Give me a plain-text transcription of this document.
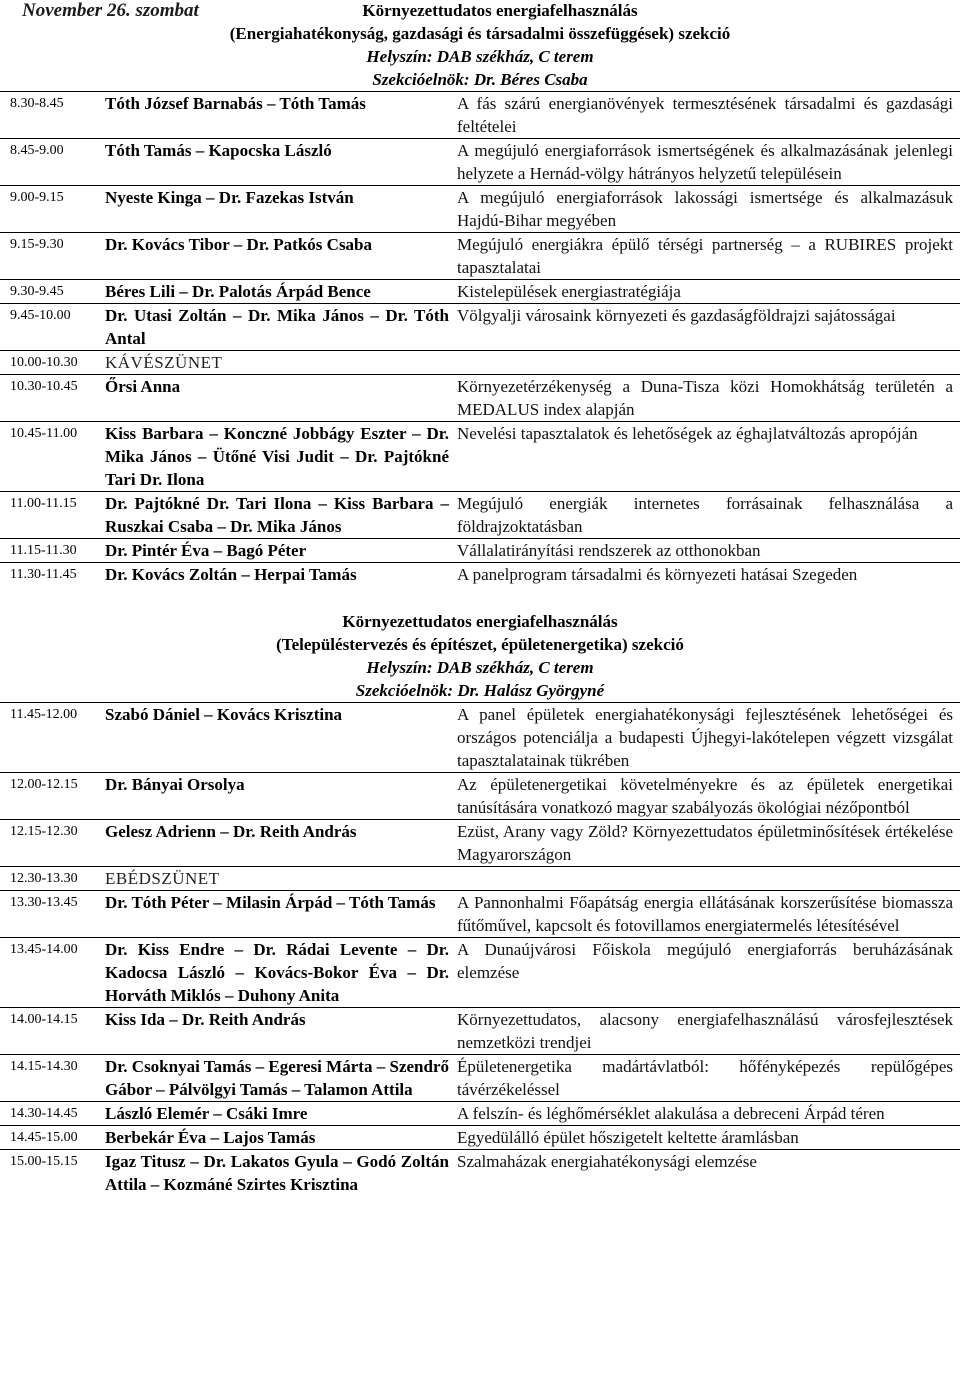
November 26. szombat	Környezettudatos energiafelhasználás
(Energiahatékonyság, gazdasági és társadalmi összefüggések) szekció
Helyszín: DAB székház, C terem
Szekcióelnök: Dr. Béres Csaba
8.30-8.45	Tóth József Barnabás – Tóth Tamás	A fás szárú energianövények termesztésének társadalmi és gazdasági feltételei
8.45-9.00	Tóth Tamás – Kapocska László	A megújuló energiaforrások ismertségének és alkalmazásának jelenlegi helyzete a Hernád-völgy hátrányos helyzetű településein
9.00-9.15	Nyeste Kinga – Dr. Fazekas István	A megújuló energiaforrások lakossági ismertsége és alkalmazásuk Hajdú-Bihar megyében
9.15-9.30	Dr. Kovács Tibor – Dr. Patkós Csaba	Megújuló energiákra épülő térségi partnerség – a RUBIRES projekt tapasztalatai
9.30-9.45	Béres Lili – Dr. Palotás Árpád Bence	Kistelepülések energiastratégiája
9.45-10.00	Dr. Utasi Zoltán – Dr. Mika János – Dr. Tóth Antal	Völgyalji városaink környezeti és gazdaságföldrajzi sajátosságai
10.00-10.30	KÁVÉSZÜNET	
10.30-10.45	Őrsi Anna	Környezetérzékenység a Duna-Tisza közi Homokhátság területén a MEDALUS index alapján
10.45-11.00	Kiss Barbara – Konczné Jobbágy Eszter – Dr. Mika János – Ütőné Visi Judit – Dr. Pajtókné Tari Dr. Ilona	Nevelési tapasztalatok és lehetőségek az éghajlatváltozás apropóján
11.00-11.15	Dr. Pajtókné Dr. Tari Ilona – Kiss Barbara – Ruszkai Csaba – Dr. Mika János	Megújuló energiák internetes forrásainak felhasználása a földrajzoktatásban
11.15-11.30	Dr. Pintér Éva – Bagó Péter	Vállalatirányítási rendszerek az otthonokban
11.30-11.45	Dr. Kovács Zoltán – Herpai Tamás	A panelprogram társadalmi és környezeti hatásai Szegeden
Környezettudatos energiafelhasználás
(Településtervezés és építészet, épületenergetika) szekció
Helyszín: DAB székház, C terem
Szekcióelnök: Dr. Halász Györgyné
11.45-12.00	Szabó Dániel – Kovács Krisztina	A panel épületek energiahatékonysági fejlesztésének lehetőségei és országos potenciálja a budapesti Újhegyi-lakótelepen végzett vizsgálat tapasztalatainak tükrében
12.00-12.15	Dr. Bányai Orsolya	Az épületenergetikai követelményekre és az épületek energetikai tanúsítására vonatkozó magyar szabályozás ökológiai nézőpontból
12.15-12.30	Gelesz Adrienn – Dr. Reith András	Ezüst, Arany vagy Zöld? Környezettudatos épületminősítések értékelése Magyarországon
12.30-13.30	EBÉDSZÜNET	
13.30-13.45	Dr. Tóth Péter – Milasin Árpád – Tóth Tamás	A Pannonhalmi Főapátság energia ellátásának korszerűsítése biomassza fűtőművel, kapcsolt és fotovillamos energiatermelés létesítésével
13.45-14.00	Dr. Kiss Endre – Dr. Rádai Levente – Dr. Kadocsa László – Kovács-Bokor Éva – Dr. Horváth Miklós – Duhony Anita	A Dunaújvárosi Főiskola megújuló energiaforrás beruházásának elemzése
14.00-14.15	Kiss Ida – Dr. Reith András	Környezettudatos, alacsony energiafelhasználású városfejlesztések nemzetközi trendjei
14.15-14.30	Dr. Csoknyai Tamás – Egeresi Márta – Szendrő Gábor – Pálvölgyi Tamás – Talamon Attila	Épületenergetika madártávlatból: hőfényképezés repülőgépes távérzékeléssel
14.30-14.45	László Elemér – Csáki Imre	A felszín- és léghőmérséklet alakulása a debreceni Árpád téren
14.45-15.00	Berbekár Éva – Lajos Tamás	Egyedülálló épület hőszigetelt keltette áramlásban
15.00-15.15	Igaz Titusz – Dr. Lakatos Gyula – Godó Zoltán Attila – Kozmáné Szirtes Krisztina	Szalmaházak energiahatékonysági elemzése
